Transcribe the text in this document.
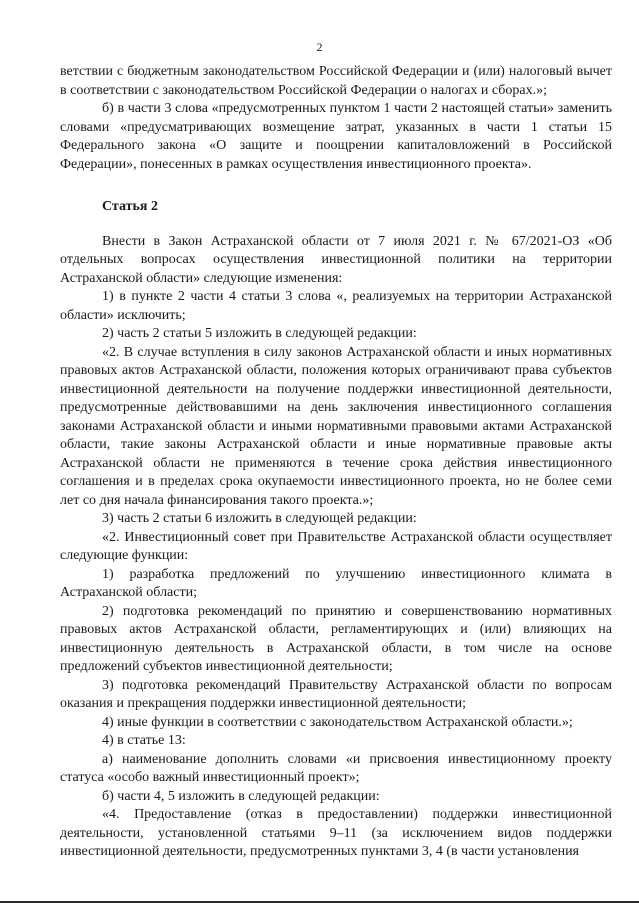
2

ветствии с бюджетным законодательством Российской Федерации и (или) налоговый вычет в соответствии с законодательством Российской Федерации о налогах и сборах.»;

б) в части 3 слова «предусмотренных пунктом 1 части 2 настоящей статьи» заменить словами «предусматривающих возмещение затрат, указанных в части 1 статьи 15 Федерального закона «О защите и поощрении капиталовложений в Российской Федерации», понесенных в рамках осуществления инвестиционного проекта».

Статья 2

Внести в Закон Астраханской области от 7 июля 2021 г. № 67/2021-ОЗ «Об отдельных вопросах осуществления инвестиционной политики на территории Астраханской области» следующие изменения:

1) в пункте 2 части 4 статьи 3 слова «, реализуемых на территории Астраханской области» исключить;

2) часть 2 статьи 5 изложить в следующей редакции:

«2. В случае вступления в силу законов Астраханской области и иных нормативных правовых актов Астраханской области, положения которых ограничивают права субъектов инвестиционной деятельности на получение поддержки инвестиционной деятельности, предусмотренные действовавшими на день заключения инвестиционного соглашения законами Астраханской области и иными нормативными правовыми актами Астраханской области, такие законы Астраханской области и иные нормативные правовые акты Астраханской области не применяются в течение срока действия инвестиционного соглашения и в пределах срока окупаемости инвестиционного проекта, но не более семи лет со дня начала финансирования такого проекта.»;

3) часть 2 статьи 6 изложить в следующей редакции:

«2. Инвестиционный совет при Правительстве Астраханской области осуществляет следующие функции:

1) разработка предложений по улучшению инвестиционного климата в Астраханской области;

2) подготовка рекомендаций по принятию и совершенствованию нормативных правовых актов Астраханской области, регламентирующих и (или) влияющих на инвестиционную деятельность в Астраханской области, в том числе на основе предложений субъектов инвестиционной деятельности;

3) подготовка рекомендаций Правительству Астраханской области по вопросам оказания и прекращения поддержки инвестиционной деятельности;

4) иные функции в соответствии с законодательством Астраханской области.»;

4) в статье 13:

а) наименование дополнить словами «и присвоения инвестиционному проекту статуса «особо важный инвестиционный проект»;

б) части 4, 5 изложить в следующей редакции:

«4. Предоставление (отказ в предоставлении) поддержки инвестиционной деятельности, установленной статьями 9–11 (за исключением видов поддержки инвестиционной деятельности, предусмотренных пунктами 3, 4 (в части установления
